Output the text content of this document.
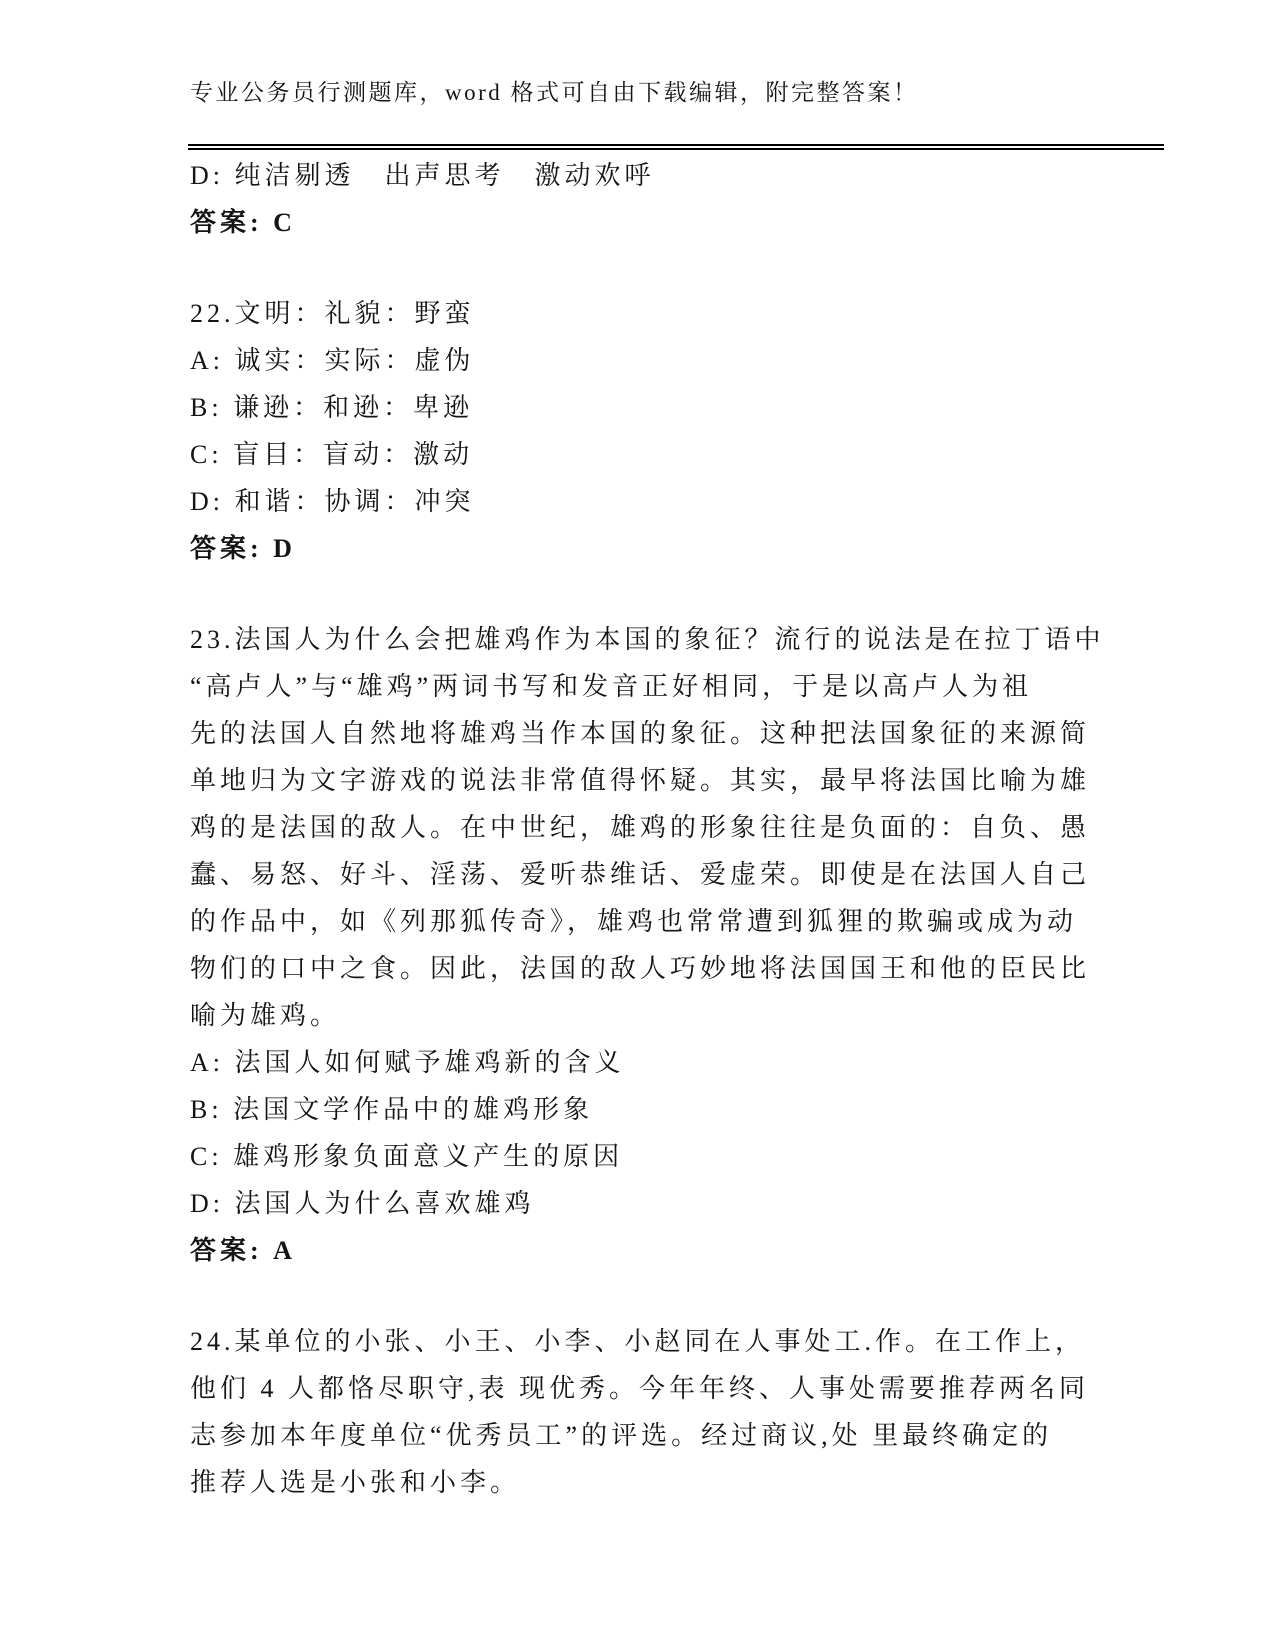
专业公务员行测题库，word 格式可自由下载编辑，附完整答案！
D: 纯洁剔透　出声思考　激动欢呼
答案: C
22.文明：礼貌：野蛮
A: 诚实：实际：虚伪
B: 谦逊：和逊：卑逊
C: 盲目：盲动：激动
D: 和谐：协调：冲突
答案: D
23.法国人为什么会把雄鸡作为本国的象征？流行的说法是在拉丁语中
“高卢人”与“雄鸡”两词书写和发音正好相同，于是以高卢人为祖
先的法国人自然地将雄鸡当作本国的象征。这种把法国象征的来源简
单地归为文字游戏的说法非常值得怀疑。其实，最早将法国比喻为雄
鸡的是法国的敌人。在中世纪，雄鸡的形象往往是负面的：自负、愚
蠢、易怒、好斗、淫荡、爱听恭维话、爱虚荣。即使是在法国人自己
的作品中，如《列那狐传奇》，雄鸡也常常遭到狐狸的欺骗或成为动
物们的口中之食。因此，法国的敌人巧妙地将法国国王和他的臣民比
喻为雄鸡。
A: 法国人如何赋予雄鸡新的含义
B: 法国文学作品中的雄鸡形象
C: 雄鸡形象负面意义产生的原因
D: 法国人为什么喜欢雄鸡
答案: A
24.某单位的小张、小王、小李、小赵同在人事处工.作。在工作上，
他们 4 人都恪尽职守,表 现优秀。今年年终、人事处需要推荐两名同
志参加本年度单位“优秀员工”的评选。经过商议,处 里最终确定的
推荐人选是小张和小李。
